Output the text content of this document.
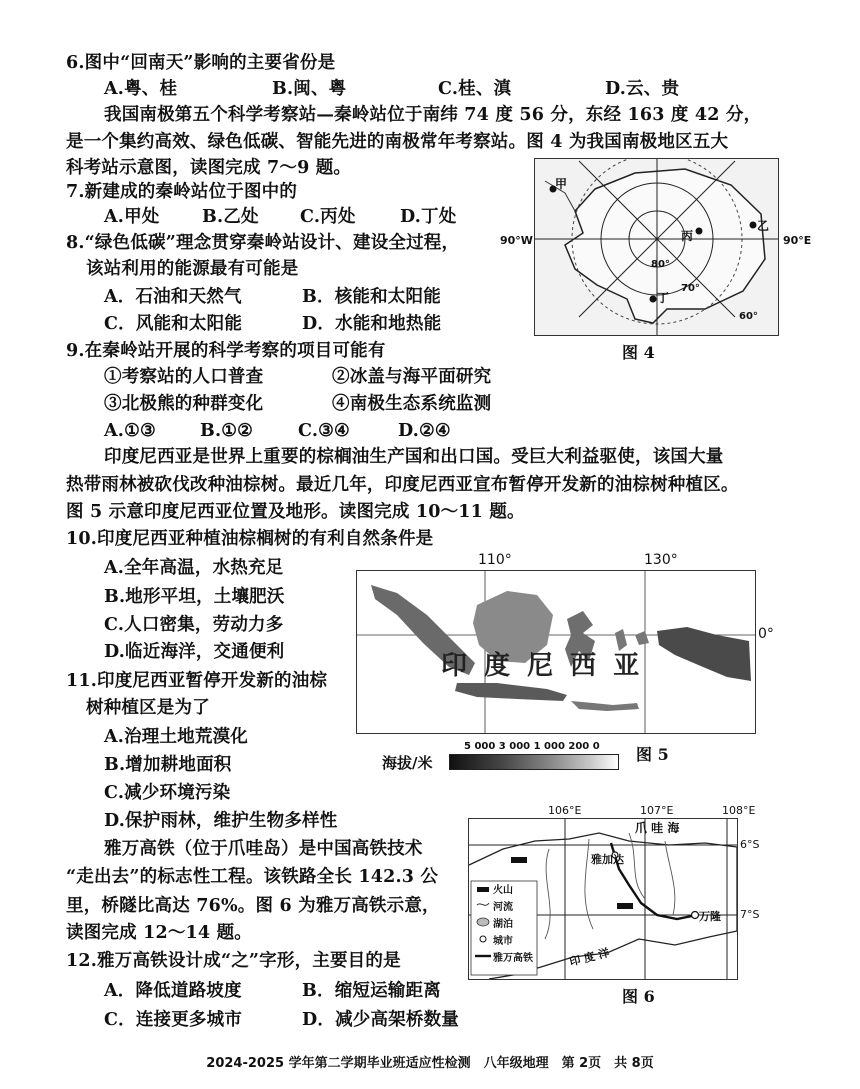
6.图中“回南天”影响的主要省份是
A.粤、桂	B.闽、粤	C.桂、滇	D.云、贵
我国南极第五个科学考察站—秦岭站位于南纬 74 度 56 分，东经 163 度 42 分，
是一个集约高效、绿色低碳、智能先进的南极常年考察站。图 4 为我国南极地区五大
科考站示意图，读图完成 7～9 题。
7.新建成的秦岭站位于图中的
A.甲处 B.乙处 C.丙处	D.丁处
8.“绿色低碳”理念贯穿秦岭站设计、建设全过程，
该站利用的能源最有可能是
A．石油和天然气	B．核能和太阳能
C．风能和太阳能	D．水能和地热能
甲
丙
乙
丁
80°
70°
60°
90°W	90°E
图 4
9.在秦岭站开展的科学考察的项目可能有
①考察站的人口普查	②冰盖与海平面研究
③北极熊的种群变化	④南极生态系统监测
A.①③	B.①②	C.③④	D.②④
印度尼西亚是世界上重要的棕榈油生产国和出口国。受巨大利益驱使，该国大量
热带雨林被砍伐改种油棕树。最近几年，印度尼西亚宣布暂停开发新的油棕树种植区。
图 5 示意印度尼西亚位置及地形。读图完成 10～11 题。
10.印度尼西亚种植油棕榈树的有利自然条件是
A.全年高温，水热充足
B.地形平坦，土壤肥沃
C.人口密集，劳动力多
D.临近海洋，交通便利
110°	130°
印 度 尼 西 亚
0°
海拔/米
5 000 3 000 1 000 200 0 图 5
11.印度尼西亚暂停开发新的油棕
树种植区是为了
A.治理土地荒漠化
B.增加耕地面积
C.减少环境污染
D.保护雨林，维护生物多样性
106°E	107°E	108°E
火山
河流
湖泊
城市
雅万高铁
爪 哇 海
雅加达
万隆
印 度 洋
6°S
7°S
图 6
雅万高铁（位于爪哇岛）是中国高铁技术
“走出去”的标志性工程。该铁路全长 142.3 公
里，桥隧比高达 76%。图 6 为雅万高铁示意，
读图完成 12～14 题。
12.雅万高铁设计成“之”字形，主要目的是
A．降低道路坡度	B．缩短运输距离
C．连接更多城市	D．减少高架桥数量
2024-2025 学年第二学期毕业班适应性检测　八年级地理　第 2页　共 8页
